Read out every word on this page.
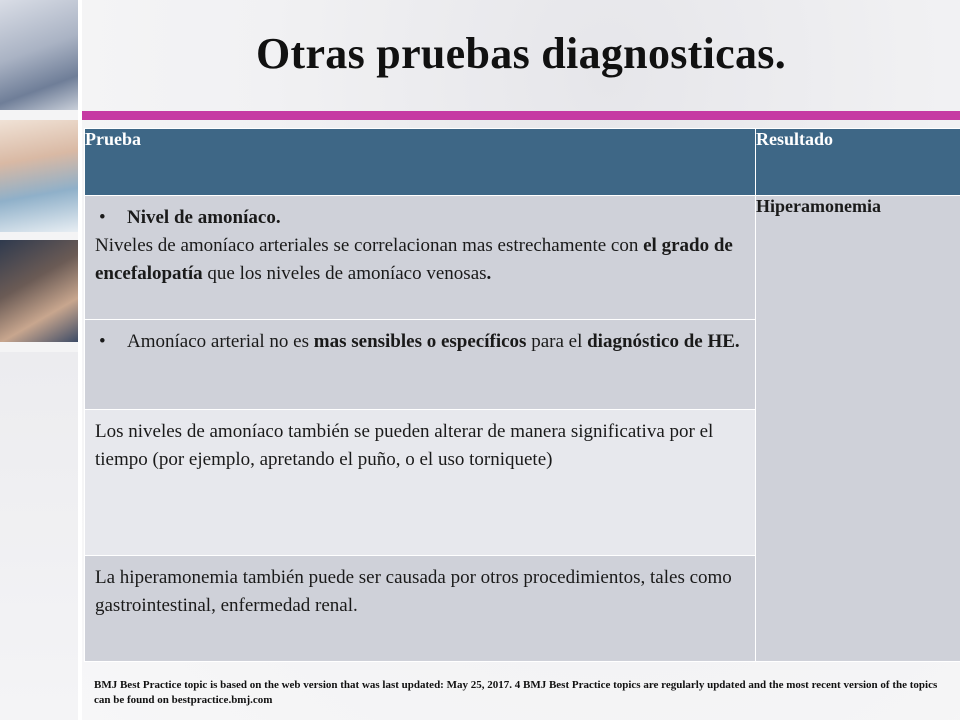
Otras pruebas diagnosticas.
Prueba	Resultado

• Nivel de amoníaco.
Niveles de amoníaco arteriales se correlacionan mas estrechamente con el grado de encefalopatía que los niveles de amoníaco venosas.	Hiperamonemia

• Amoníaco arterial no es mas sensibles o específicos para el diagnóstico de HE.	

Los niveles de amoníaco también se pueden alterar de manera significativa por el tiempo (por ejemplo, apretando el puño, o el uso torniquete)	

La hiperamonemia también puede ser causada por otros procedimientos, tales como gastrointestinal, enfermedad renal.	
BMJ Best Practice topic is based on the web version that was last updated: May 25, 2017. 4 BMJ Best Practice topics are regularly updated and the most recent version of the topics can be found on bestpractice.bmj.com
